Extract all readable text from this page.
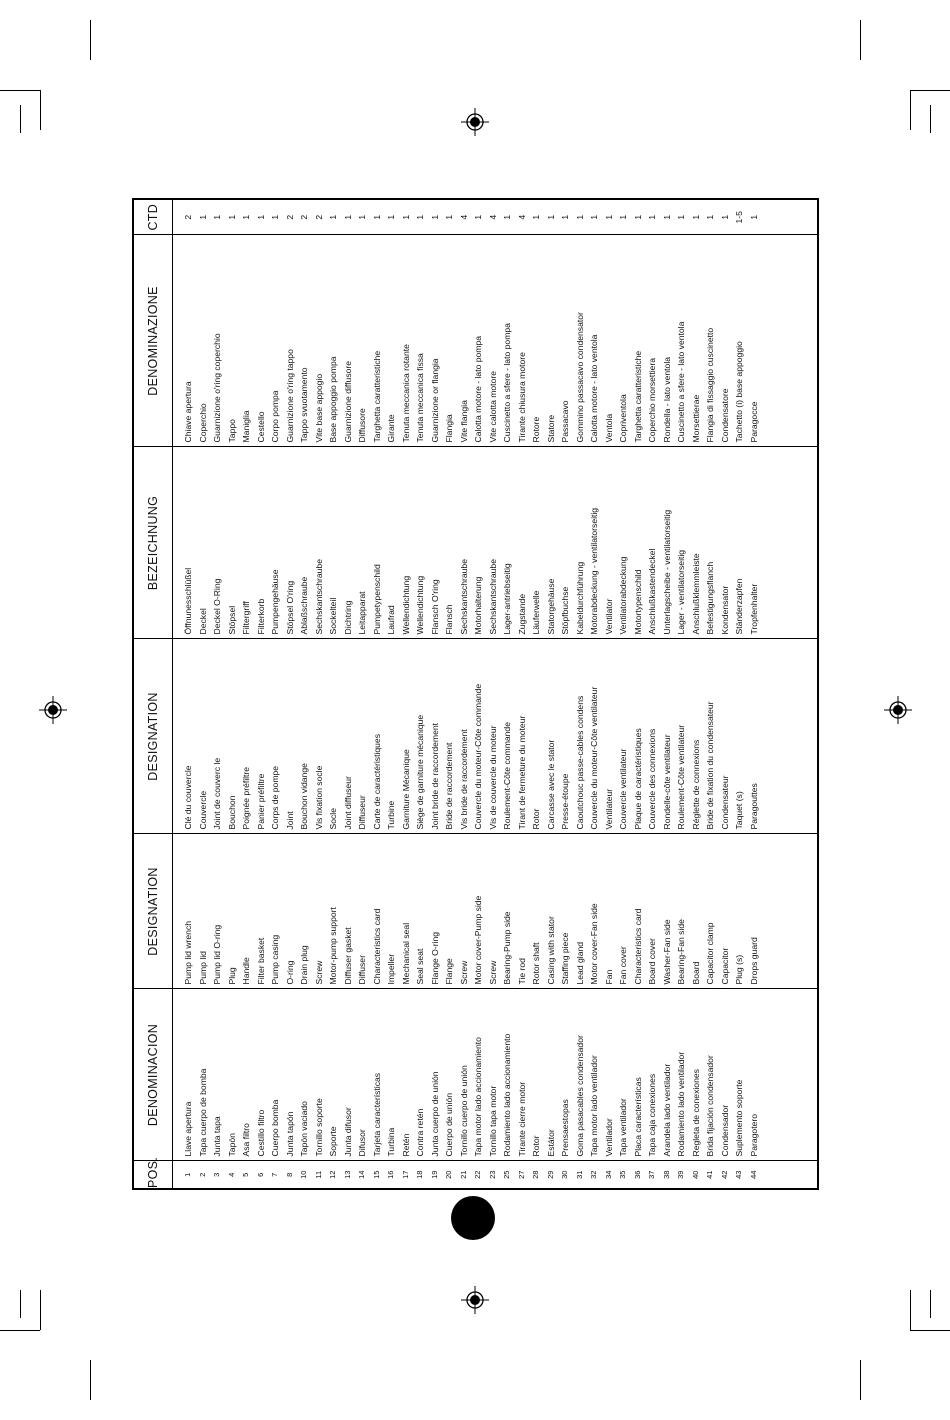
POS.	DENOMINACION	DESIGNATION	DESIGNATION	BEZEICHNUNG	DENOMINAZIONE	CTD
1	Llave apertura	Pump lid wrench	Clé du couvercle	Öffnunesschlüßel	Chiave apertura	2
2	Tapa cuerpo de bomba	Pump lid	Couvercle	Deckel	Coperchio	1
3	Junta tapa	Pump lid O-ring	Joint de couverc le	Deckel O-Ring	Guarnizione o'ring coperchio	1
4	Tapón	Plug	Bouchon	Stöpsel	Tappo	1
5	Asa filtro	Handle	Poignée préfiltre	Filtergriff	Maniglia	1
6	Cestillo filtro	Filter basket	Panier préfiltre	Filterkorb	Cestello	1
7	Cuerpo bomba	Pump casing	Corps de pompe	Pumpengehäuse	Corpo pompa	1
8	Junta tapón	O-ring	Joint	Stöpsel O'ring	Guarnizione o'ring tappo	2
10	Tapón vaciado	Drain plug	Bouchon vidange	Ablaßschraube	Tappo svuotamento	2
11	Tornillo soporte	Screw	Vis fixation socle	Sechskantschraube	Vite base appogio	2
12	Soporte	Motor-pump support	Socle	Sockelteil	Base appoggio pompa	1
13	Junta difusor	Diffuser gasket	Joint diffuseur	Dichtring	Guarnizione diffusore	1
14	Difusor	Diffuser	Diffuseur	Leitapparat	Diffusore	1
15	Tarjeta características	Characteristics card	Carte de caractéristiques	Pumpetypenschild	Targhetta caratteristiche	1
16	Turbina	Impeller	Turbine	Laufrad	Girante	1
17	Retén	Mechanical seal	Garniture Mécanique	Wellendichtung	Tenuta meccanica rotante	1
18	Contra retén	Seal seat	Siège de garniture mécanique	Wellendichtung	Tenuta meccanica fissa	1
19	Junta cuerpo de unión	Flange O-ring	Joint bride de raccordement	Flansch O'ring	Guarnizione or flangia	1
20	Cuerpo de unión	Flange	Bride de raccordement	Flansch	Flangia	1
21	Tornillo cuerpo de unión	Screw	Vis bride de raccordement	Sechskantschraube	Vite flangia	4
22	Tapa motor lado accionamiento	Motor cover-Pump side	Couvercle du moteur-Côte commande	Motorhalterung	Calotta motore - lato pompa	1
23	Tornillo tapa motor	Screw	Vis de couvercle du moteur	Sechskantschraube	Vite calotta motore	4
25	Rodamiento lado accionamiento	Bearing-Pump side	Roulement-Côte commande	Lager-antriebseitig	Cuscinetto a sfere - lato pompa	1
27	Tirante cierre motor	Tie rod	Tirant de fermeture du moteur	Zugstande	Tirante chiusura motore	4
28	Rotor	Rotor shaft	Rotor	Läuferwelle	Rotore	1
29	Estátor	Casing with stator	Carcasse avec le stator	Statorgehäuse	Statore	1
30	Prensaestopas	Staffing piece	Presse-étoupe	Stöpfbuchse	Passacavo	1
31	Goma pasacables condensador	Lead gland	Caoutchouc passe-cables condens	Kabeldurchführung	Gommino passacavo condensator	1
32	Tapa motor lado ventilador	Motor cover-Fan side	Couvercle du moteur-Côte ventilateur	Motorabdeckung - ventilatorseitig	Calotta motore - lato ventola	1
34	Ventilador	Fan	Ventilateur	Ventilator	Ventola	1
35	Tapa ventilador	Fan cover	Couvercle ventilateur	Ventilatorabdeckung	Copriventola	1
36	Placa características	Characteristics card	Plaque de caractéristiques	Motortypenschild	Targhetta caratteristiche	1
37	Tapa caja conexiones	Board cover	Couvercle des connexions	Anschlußkastendeckel	Coperchio morsettiera	1
38	Arandela lado ventilador	Washer-Fan side	Rondelle-côte ventilateur	Unterlagscheibe - ventilatorseitig	Rondella - lato ventola	1
39	Rodamiento lado ventilador	Bearing-Fan side	Roulement-Côte ventilateur	Lager - ventilatorseitig	Cuscinetto a sfere - lato ventola	1
40	Regleta de conexiones	Board	Réglette de connexions	Anschlußklemmleiste	Morsettierae	1
41	Brida fijación condensador	Capacitor clamp	Bride de fixation du condensateur	Befestigungsflanch	Flangia di fissaggio cuscinetto	1
42	Condensador	Capacitor	Condensateur	Kondensator	Condensatore	1
43	Suplemento soporte	Plug (s)	Taquet (s)	Ständerzapfen	Tachetto (i) base appoggio	1-5
44	Paragotero	Drops guard	Paragouttes	Tropfenhalter	Paragocce	1
